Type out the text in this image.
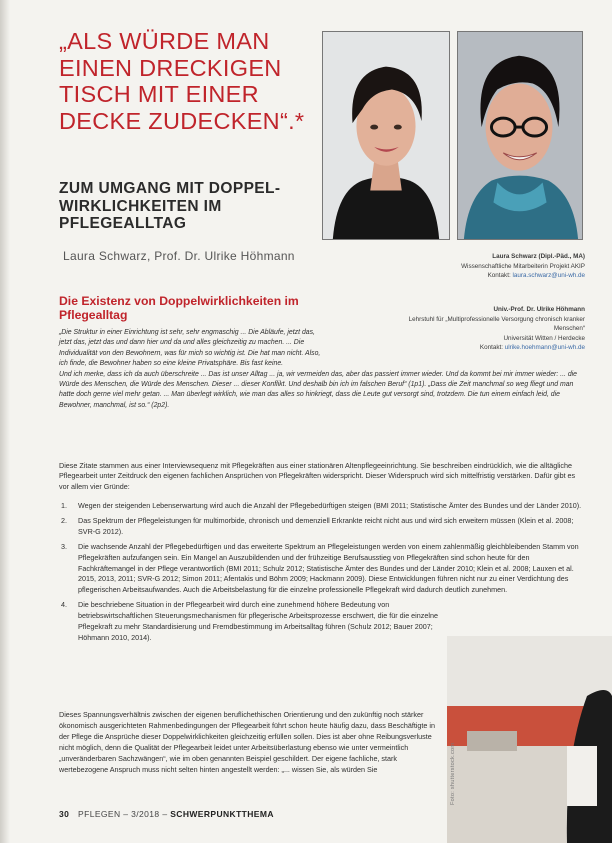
„ALS WÜRDE MAN EINEN DRECKIGEN TISCH MIT EINER DECKE ZUDECKEN“.*
ZUM UMGANG MIT DOPPEL-WIRKLICHKEITEN IM PFLEGEALLTAG
Laura Schwarz, Prof. Dr. Ulrike Höhmann	Laura Schwarz (Dipl.-Päd., MA)
Wissenschaftliche Mitarbeiterin Projekt AKIP
Kontakt: laura.schwarz@uni-wh.de
Univ.-Prof. Dr. Ulrike Höhmann
Lehrstuhl für „Multiprofessionelle Versorgung chronisch kranker Menschen“
Universität Witten / Herdecke
Kontakt: ulrike.hoehmann@uni-wh.de
Die Existenz von Doppelwirklichkeiten im Pflegealltag
„Die Struktur in einer Einrichtung ist sehr, sehr engmaschig ... Die Abläufe, jetzt das, jetzt das, jetzt das und dann hier und da und alles gleichzeitig zu machen. ... Die Individualität von den Bewohnern, was für mich so wichtig ist. Die hat man nicht. Also, ich finde, die Bewohner haben so eine kleine Privatsphäre. Bis fast keine.
Und ich merke, dass ich da auch überschreite ... Das ist unser Alltag ... ja, wir vermeiden das, aber das passiert immer wieder. Und da kommt bei mir immer wieder: ... die Würde des Menschen, die Würde des Menschen. Dieser ... dieser Konflikt. Und deshalb bin ich im falschen Beruf“ (1p1). „Dass die Zeit manchmal so weg fliegt und man hatte doch gerne viel mehr getan. ... Man überlegt wirklich, wie man das alles so hinkriegt, dass die Leute gut versorgt sind, trotzdem. Die tun einem einfach leid, die Bewohner, manchmal, ist so.“ (2p2).

Diese Zitate stammen aus einer Interviewsequenz mit Pflegekräften aus einer stationären Altenpflegeeinrichtung. Sie beschreiben eindrücklich, wie die alltägliche Pflegearbeit unter Zeitdruck den eigenen fachlichen Ansprüchen von Pflegekräften widerspricht. Dieser Widerspruch wird sich mittelfristig verstärken. Dafür gibt es vor allem vier Gründe:

1. Wegen der steigenden Lebenserwartung wird auch die Anzahl der Pflegebedürftigen steigen (BMI 2011; Statistische Ämter des Bundes und der Länder 2010).
2. Das Spektrum der Pflegeleistungen für multimorbide, chronisch und demenziell Erkrankte reicht nicht aus und wird sich erweitern müssen (Klein et al. 2008; SVR-G 2012).
3. Die wachsende Anzahl der Pflegebedürftigen und das erweiterte Spektrum an Pflegeleistungen werden von einem zahlenmäßig gleichbleibenden Stamm von Pflegekräften aufzufangen sein. Ein Mangel an Auszubildenden und der frühzeitige Berufsausstieg von Pflegekräften sind schon heute für den Fachkräftemangel in der Pflege verantwortlich (BMI 2011; Schulz 2012; Statistische Ämter des Bundes und der Länder 2010; Klein et al. 2008; Lauxen et al. 2015, 2013, 2011; SVR-G 2012; Simon 2011; Afentakis und Böhm 2009; Hackmann 2009). Diese Entwicklungen führen nicht nur zu einer Verdichtung des pflegerischen Arbeitsaufwandes. Auch die Arbeitsbelastung für die einzelne professionelle Pflegekraft wird dadurch deutlich zunehmen.
4. Die beschriebene Situation in der Pflegearbeit wird durch eine zunehmend höhere Bedeutung von betriebswirtschaftlichen Steuerungsmechanismen für pflegerische Arbeitsprozesse erschwert, die für die einzelne Pflegekraft zu mehr Standardisierung und Fremdbestimmung im Arbeitsalltag führen (Schulz 2012; Bauer 2007; Höhmann 2010, 2014).

Dieses Spannungsverhältnis zwischen der eigenen beruflichethischen Orientierung und den zukünftig noch stärker ökonomisch ausgerichteten Rahmenbedingungen der Pflegearbeit führt schon heute häufig dazu, dass Beschäftigte in der Pflege die Ansprüche dieser Doppelwirklichkeiten gleichzeitig erfüllen sollen. Dies ist aber ohne Reibungsverluste nicht möglich, denn die Qualität der Pflegearbeit leidet unter Arbeitsüberlastung ebenso wie unter vermeintlich „unveränderbaren Sachzwängen“, wie im oben genannten Beispiel geschildert. Der eigene fachliche, stark wertebezogene Anspruch muss nicht selten hinten angestellt werden: „... wissen Sie, als würden Sie	Foto: shutterstock.com
30 PFLEGEN – 3/2018 – SCHWERPUNKTTHEMA
